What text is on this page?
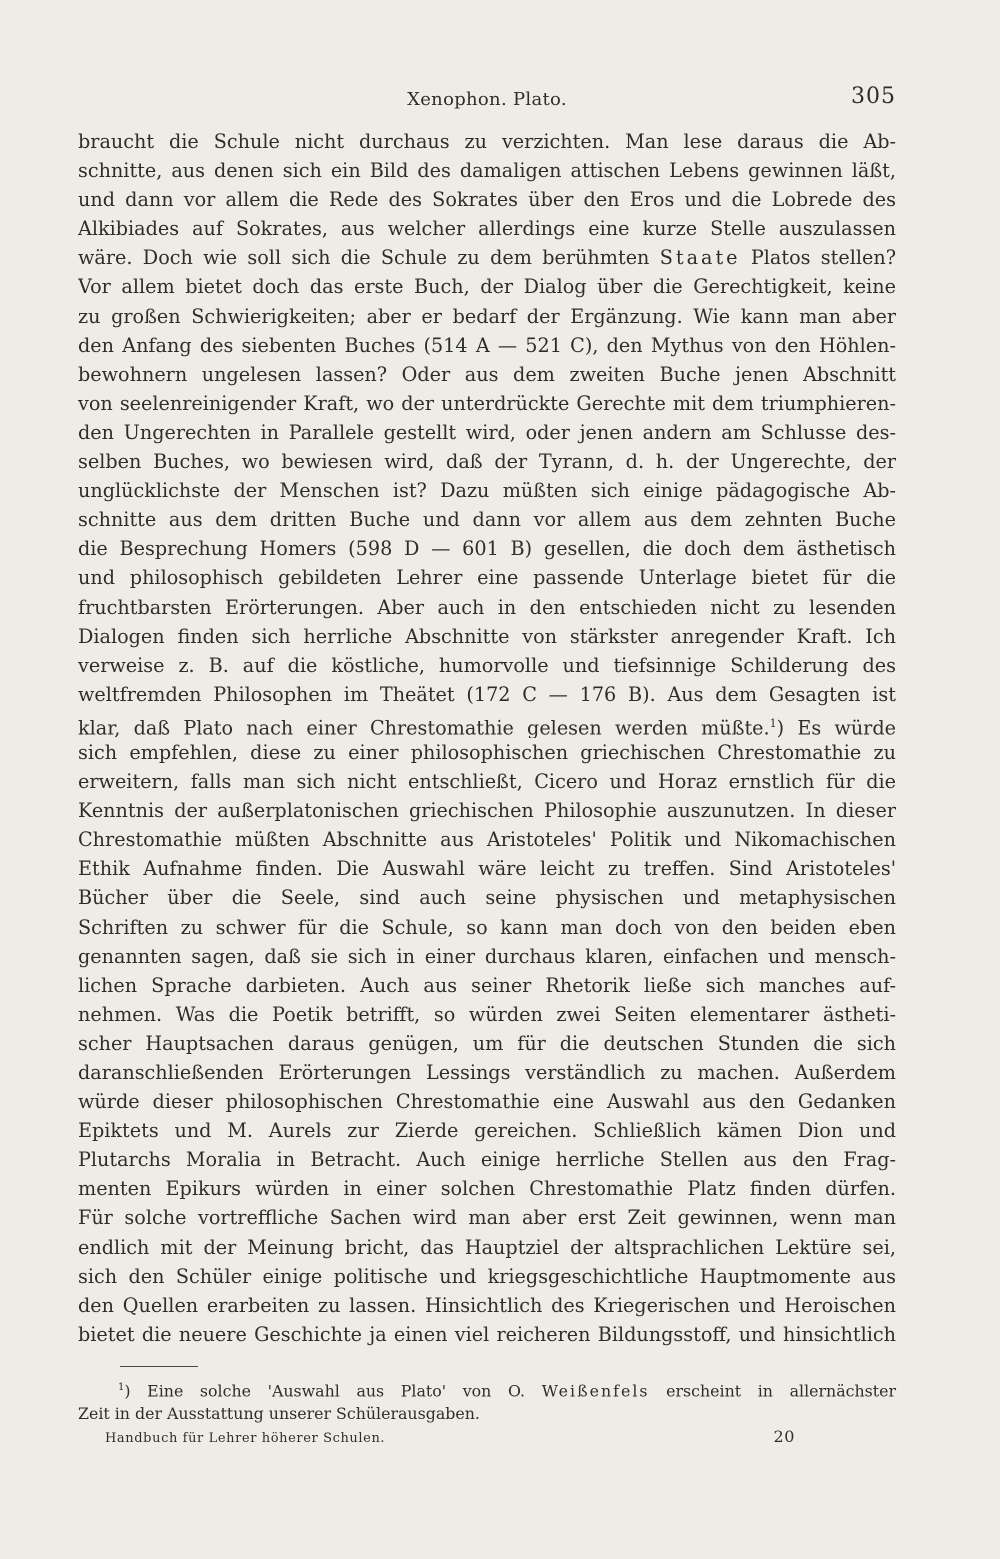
Xenophon. Plato.	305
braucht die Schule nicht durchaus zu verzichten. Man lese daraus die Ab-
schnitte, aus denen sich ein Bild des damaligen attischen Lebens gewinnen läßt,
und dann vor allem die Rede des Sokrates über den Eros und die Lobrede des
Alkibiades auf Sokrates, aus welcher allerdings eine kurze Stelle auszulassen
wäre. Doch wie soll sich die Schule zu dem berühmten Staate Platos stellen?
Vor allem bietet doch das erste Buch, der Dialog über die Gerechtigkeit, keine
zu großen Schwierigkeiten; aber er bedarf der Ergänzung. Wie kann man aber
den Anfang des siebenten Buches (514 A — 521 C), den Mythus von den Höhlen-
bewohnern ungelesen lassen? Oder aus dem zweiten Buche jenen Abschnitt
von seelenreinigender Kraft, wo der unterdrückte Gerechte mit dem triumphieren-
den Ungerechten in Parallele gestellt wird, oder jenen andern am Schlusse des-
selben Buches, wo bewiesen wird, daß der Tyrann, d. h. der Ungerechte, der
unglücklichste der Menschen ist? Dazu müßten sich einige pädagogische Ab-
schnitte aus dem dritten Buche und dann vor allem aus dem zehnten Buche
die Besprechung Homers (598 D — 601 B) gesellen, die doch dem ästhetisch
und philosophisch gebildeten Lehrer eine passende Unterlage bietet für die
fruchtbarsten Erörterungen. Aber auch in den entschieden nicht zu lesenden
Dialogen finden sich herrliche Abschnitte von stärkster anregender Kraft. Ich
verweise z. B. auf die köstliche, humorvolle und tiefsinnige Schilderung des
weltfremden Philosophen im Theätet (172 C — 176 B). Aus dem Gesagten ist
klar, daß Plato nach einer Chrestomathie gelesen werden müßte.$^1$) Es würde
sich empfehlen, diese zu einer philosophischen griechischen Chrestomathie zu
erweitern, falls man sich nicht entschließt, Cicero und Horaz ernstlich für die
Kenntnis der außerplatonischen griechischen Philosophie auszunutzen. In dieser
Chrestomathie müßten Abschnitte aus Aristoteles' Politik und Nikomachischen
Ethik Aufnahme finden. Die Auswahl wäre leicht zu treffen. Sind Aristoteles'
Bücher über die Seele, sind auch seine physischen und metaphysischen
Schriften zu schwer für die Schule, so kann man doch von den beiden eben
genannten sagen, daß sie sich in einer durchaus klaren, einfachen und mensch-
lichen Sprache darbieten. Auch aus seiner Rhetorik ließe sich manches auf-
nehmen. Was die Poetik betrifft, so würden zwei Seiten elementarer ästheti-
scher Hauptsachen daraus genügen, um für die deutschen Stunden die sich
daranschließenden Erörterungen Lessings verständlich zu machen. Außerdem
würde dieser philosophischen Chrestomathie eine Auswahl aus den Gedanken
Epiktets und M. Aurels zur Zierde gereichen. Schließlich kämen Dion und
Plutarchs Moralia in Betracht. Auch einige herrliche Stellen aus den Frag-
menten Epikurs würden in einer solchen Chrestomathie Platz finden dürfen.
Für solche vortreffliche Sachen wird man aber erst Zeit gewinnen, wenn man
endlich mit der Meinung bricht, das Hauptziel der altsprachlichen Lektüre sei,
sich den Schüler einige politische und kriegsgeschichtliche Hauptmomente aus
den Quellen erarbeiten zu lassen. Hinsichtlich des Kriegerischen und Heroischen
bietet die neuere Geschichte ja einen viel reicheren Bildungsstoff, und hinsichtlich
$^1$) Eine solche 'Auswahl aus Plato' von O. Weißenfels erscheint in allernächster
Zeit in der Ausstattung unserer Schülerausgaben.
Handbuch für Lehrer höherer Schulen.	20
